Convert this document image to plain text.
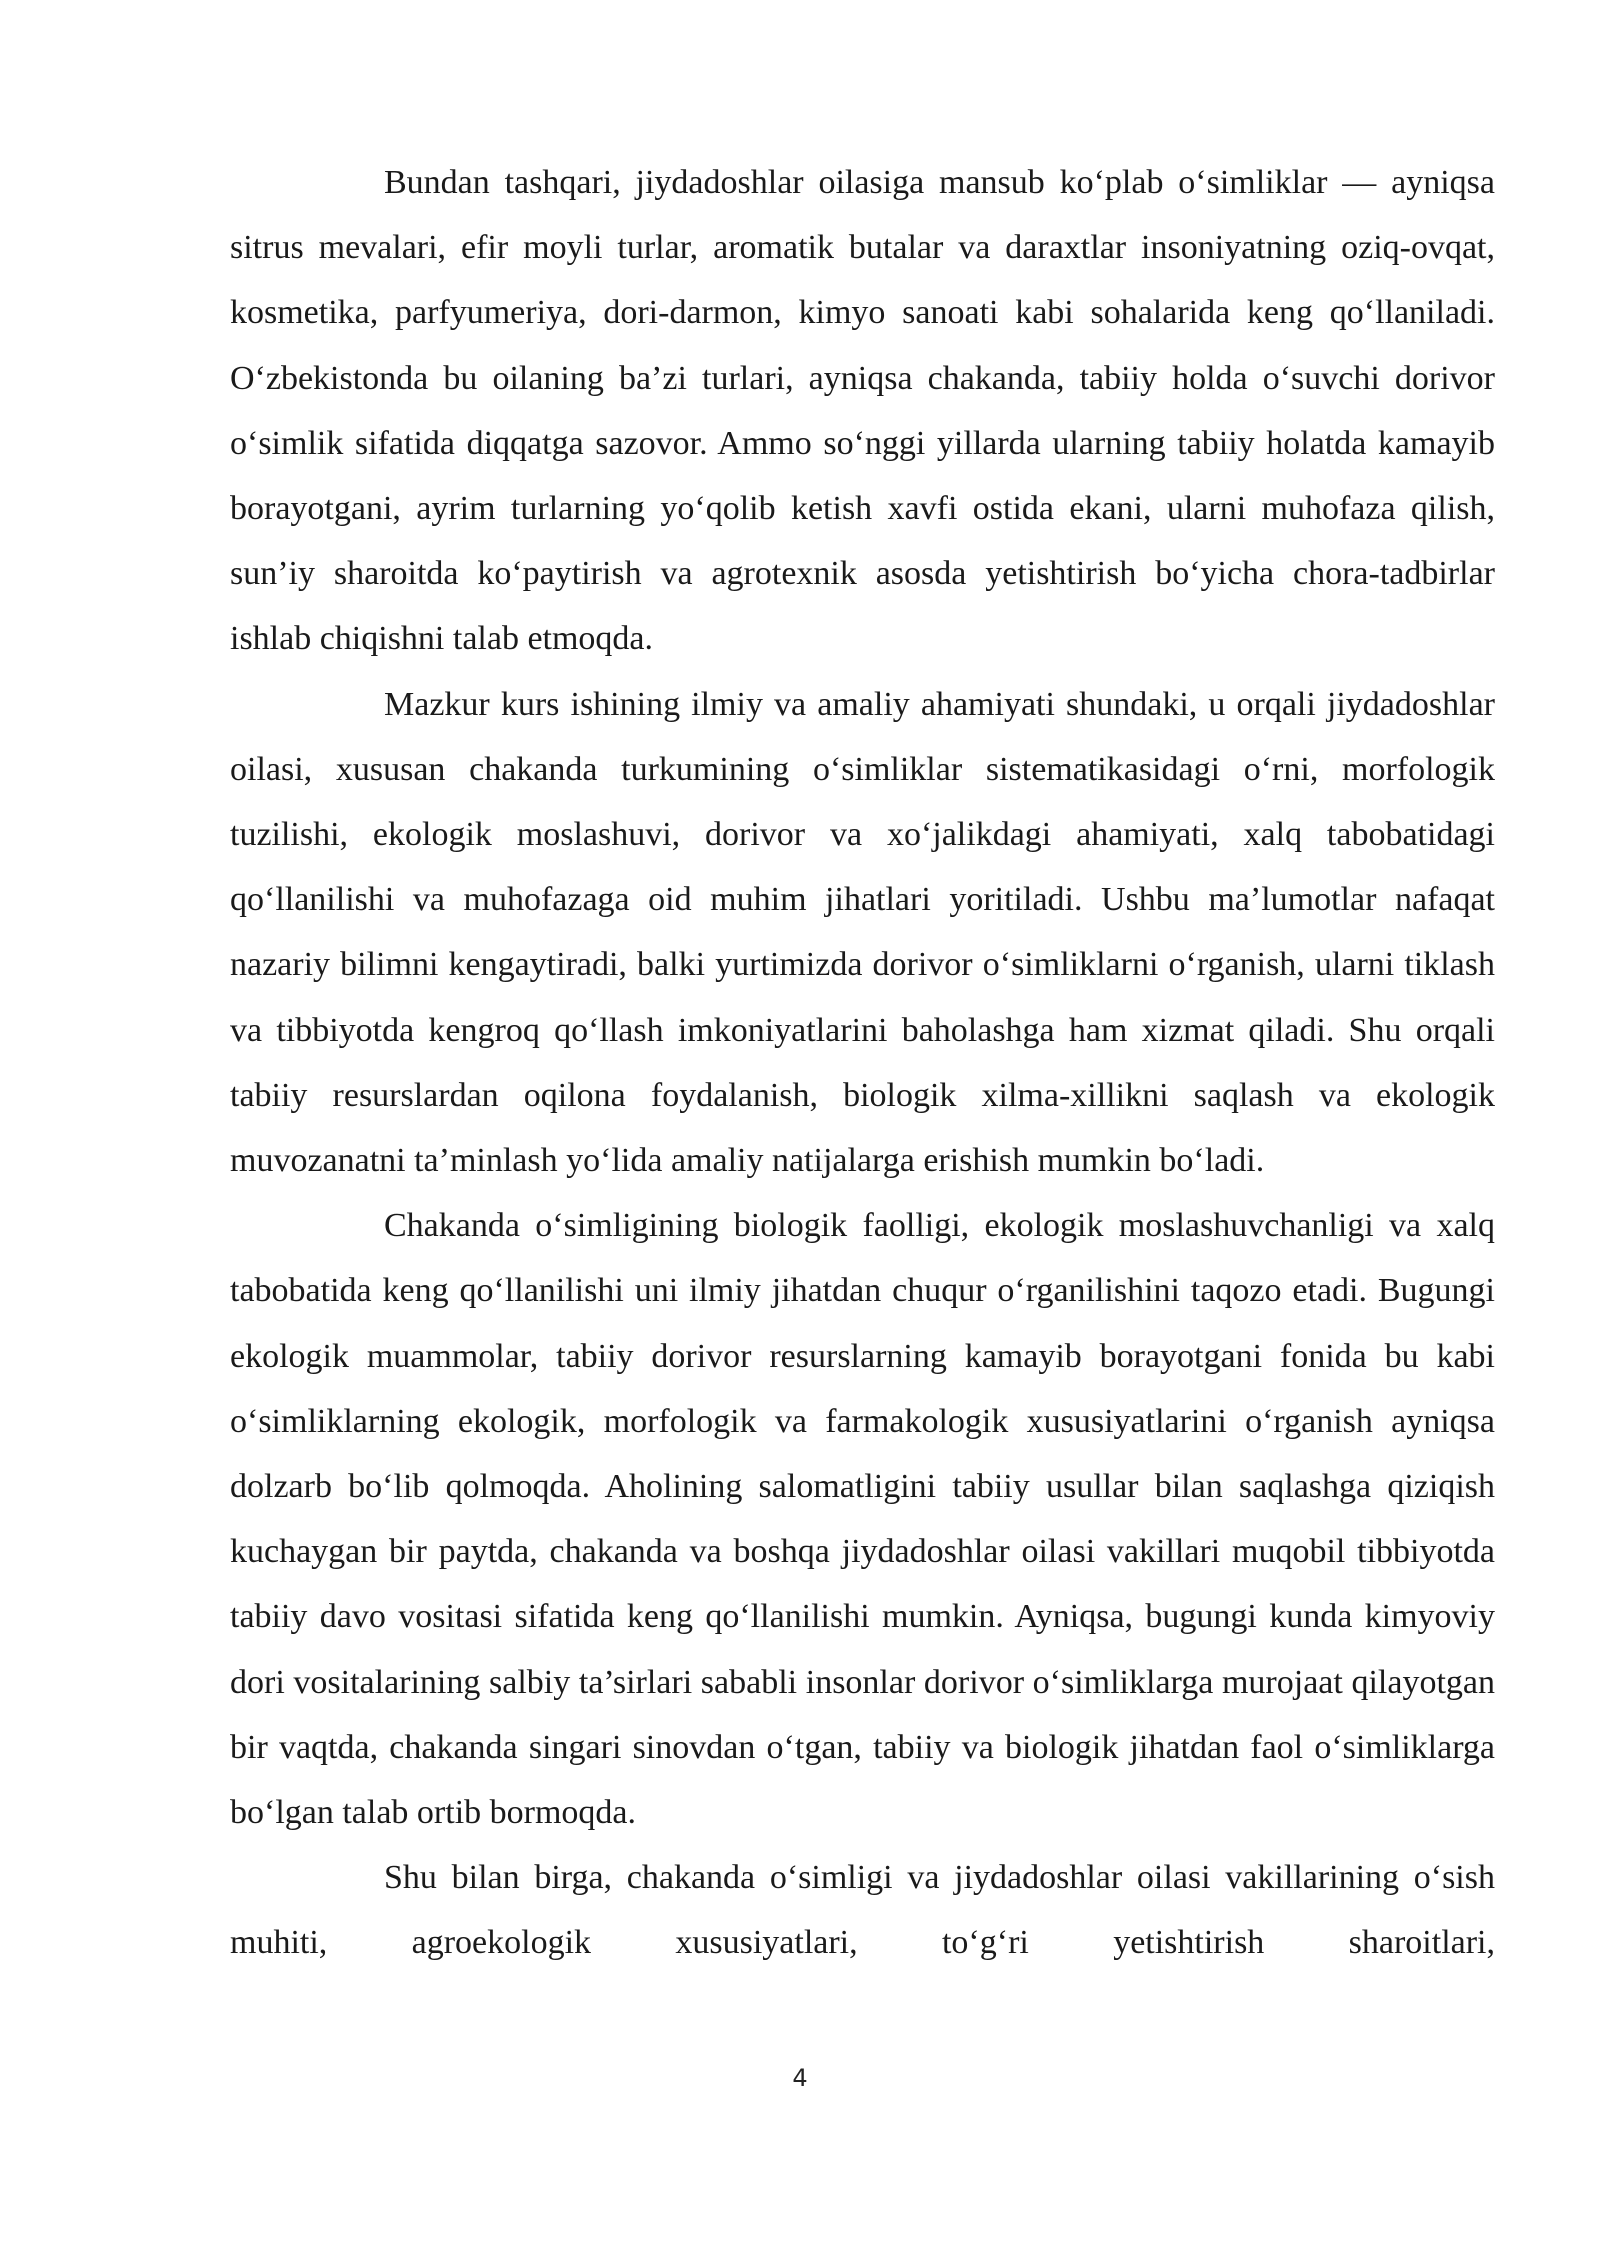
Bundan tashqari, jiydadoshlar oilasiga mansub ko‘plab o‘simliklar — ayniqsa sitrus mevalari, efir moyli turlar, aromatik butalar va daraxtlar insoniyatning oziq-ovqat, kosmetika, parfyumeriya, dori-darmon, kimyo sanoati kabi sohalarida keng qo‘llaniladi. O‘zbekistonda bu oilaning ba’zi turlari, ayniqsa chakanda, tabiiy holda o‘suvchi dorivor o‘simlik sifatida diqqatga sazovor. Ammo so‘nggi yillarda ularning tabiiy holatda kamayib borayotgani, ayrim turlarning yo‘qolib ketish xavfi ostida ekani, ularni muhofaza qilish, sun’iy sharoitda ko‘paytirish va agrotexnik asosda yetishtirish bo‘yicha chora-tadbirlar ishlab chiqishni talab etmoqda.

Mazkur kurs ishining ilmiy va amaliy ahamiyati shundaki, u orqali jiydadoshlar oilasi, xususan chakanda turkumining o‘simliklar sistematikasidagi o‘rni, morfologik tuzilishi, ekologik moslashuvi, dorivor va xo‘jalikdagi ahamiyati, xalq tabobatidagi qo‘llanilishi va muhofazaga oid muhim jihatlari yoritiladi. Ushbu ma’lumotlar nafaqat nazariy bilimni kengaytiradi, balki yurtimizda dorivor o‘simliklarni o‘rganish, ularni tiklash va tibbiyotda kengroq qo‘llash imkoniyatlarini baholashga ham xizmat qiladi. Shu orqali tabiiy resurslardan oqilona foydalanish, biologik xilma-xillikni saqlash va ekologik muvozanatni ta’minlash yo‘lida amaliy natijalarga erishish mumkin bo‘ladi.

Chakanda o‘simligining biologik faolligi, ekologik moslashuvchanligi va xalq tabobatida keng qo‘llanilishi uni ilmiy jihatdan chuqur o‘rganilishini taqozo etadi. Bugungi ekologik muammolar, tabiiy dorivor resurslarning kamayib borayotgani fonida bu kabi o‘simliklarning ekologik, morfologik va farmakologik xususiyatlarini o‘rganish ayniqsa dolzarb bo‘lib qolmoqda. Aholining salomatligini tabiiy usullar bilan saqlashga qiziqish kuchaygan bir paytda, chakanda va boshqa jiydadoshlar oilasi vakillari muqobil tibbiyotda tabiiy davo vositasi sifatida keng qo‘llanilishi mumkin. Ayniqsa, bugungi kunda kimyoviy dori vositalarining salbiy ta’sirlari sababli insonlar dorivor o‘simliklarga murojaat qilayotgan bir vaqtda, chakanda singari sinovdan o‘tgan, tabiiy va biologik jihatdan faol o‘simliklarga bo‘lgan talab ortib bormoqda.

Shu bilan birga, chakanda o‘simligi va jiydadoshlar oilasi vakillarining o‘sish muhiti, agroekologik xususiyatlari, to‘g‘ri yetishtirish sharoitlari,

4
